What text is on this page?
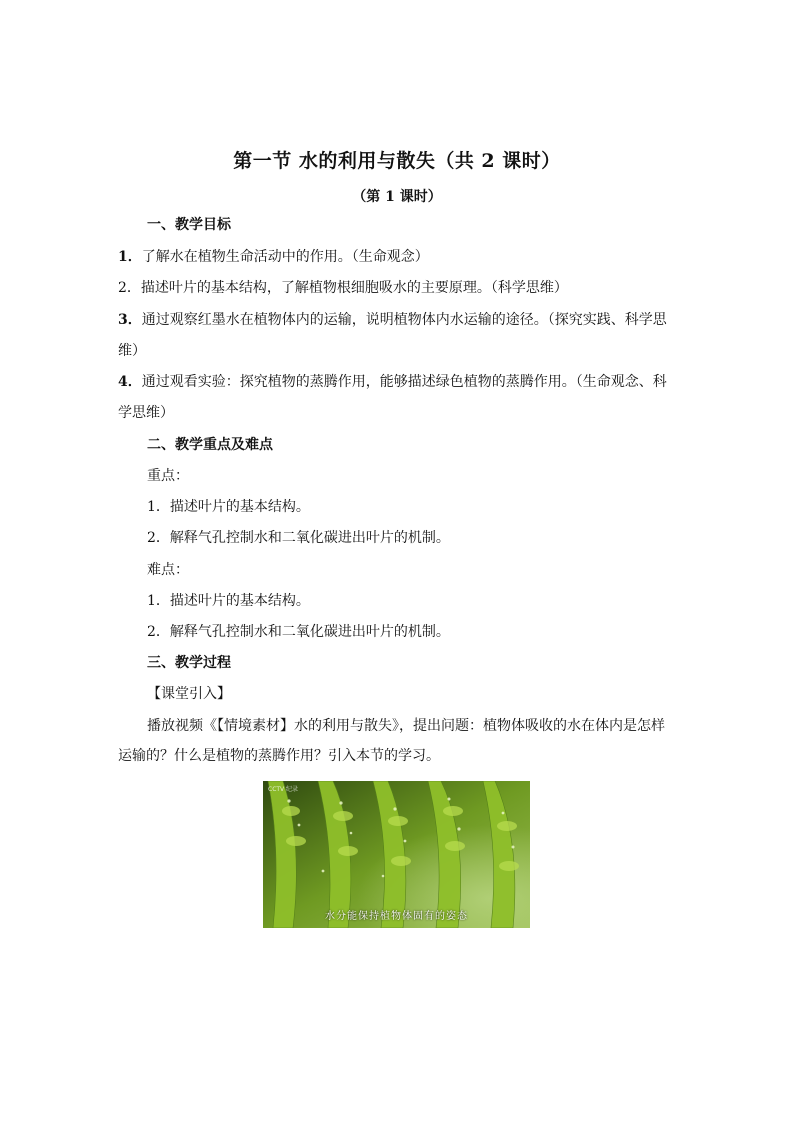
第一节 水的利用与散失（共 2 课时）
（第 1 课时）
一、教学目标
1．了解水在植物生命活动中的作用。（生命观念）
2．描述叶片的基本结构，了解植物根细胞吸水的主要原理。（科学思维）
3．通过观察红墨水在植物体内的运输，说明植物体内水运输的途径。（探究实践、科学思
维）
4．通过观看实验：探究植物的蒸腾作用，能够描述绿色植物的蒸腾作用。（生命观念、科
学思维）
二、教学重点及难点
重点：
1．描述叶片的基本结构。
2．解释气孔控制水和二氧化碳进出叶片的机制。
难点：
1．描述叶片的基本结构。
2．解释气孔控制水和二氧化碳进出叶片的机制。
三、教学过程
【课堂引入】
播放视频《【情境素材】水的利用与散失》，提出问题：植物体吸收的水在体内是怎样运输的？什么是植物的蒸腾作用？引入本节的学习。
CCTV 纪录
水分能保持植物体固有的姿态
